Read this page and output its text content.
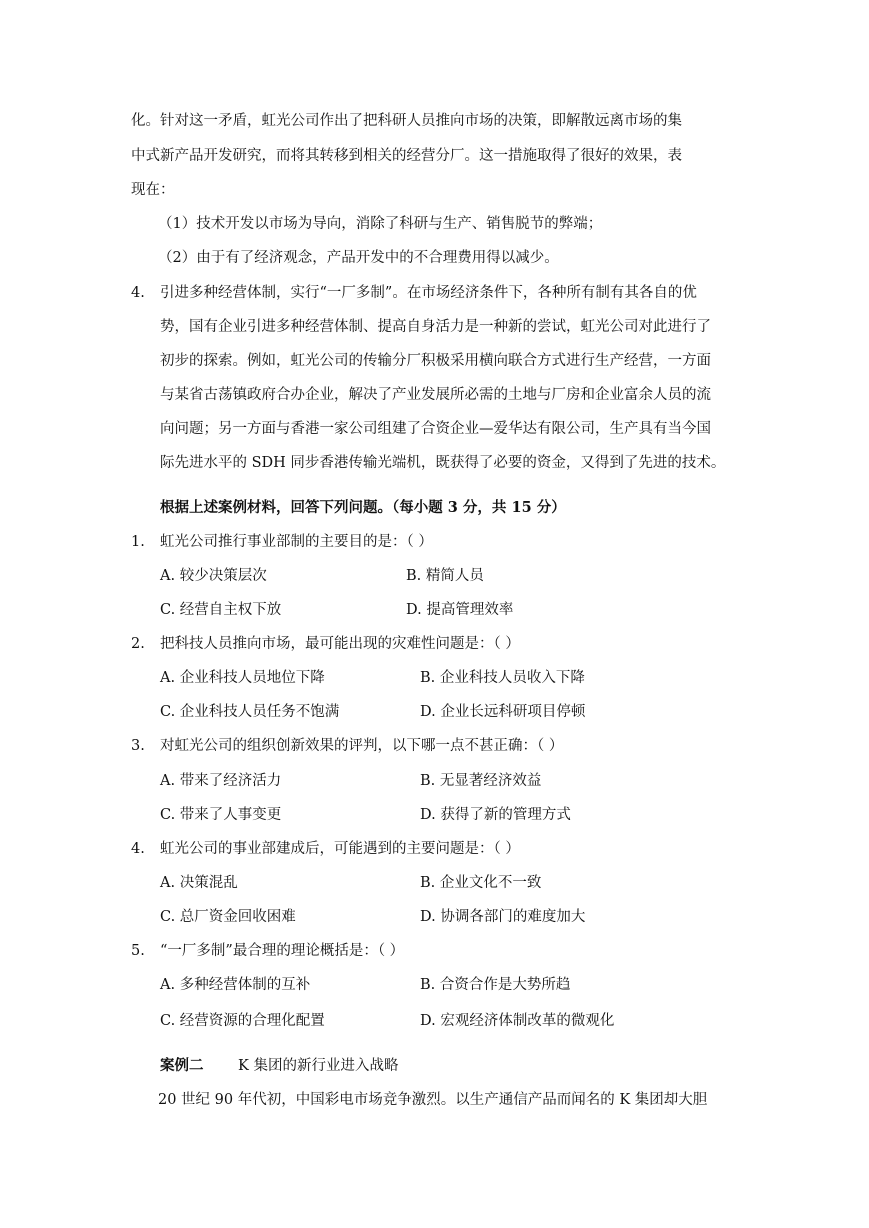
化。针对这一矛盾，虹光公司作出了把科研人员推向市场的决策，即解散远离市场的集
中式新产品开发研究，而将其转移到相关的经营分厂。这一措施取得了很好的效果，表
现在：
（1）技术开发以市场为导向，消除了科研与生产、销售脱节的弊端；
（2）由于有了经济观念，产品开发中的不合理费用得以减少。
4. 引进多种经营体制，实行“一厂多制”。在市场经济条件下，各种所有制有其各自的优
势，国有企业引进多种经营体制、提高自身活力是一种新的尝试，虹光公司对此进行了
初步的探索。例如，虹光公司的传输分厂积极采用横向联合方式进行生产经营，一方面
与某省古荡镇政府合办企业，解决了产业发展所必需的土地与厂房和企业富余人员的流
向问题；另一方面与香港一家公司组建了合资企业—爱华达有限公司，生产具有当今国
际先进水平的 SDH 同步香港传输光端机，既获得了必要的资金，又得到了先进的技术。
根据上述案例材料，回答下列问题。（每小题 3 分，共 15 分）
1. 虹光公司推行事业部制的主要目的是：（ ）
A. 较少决策层次	B. 精简人员
C. 经营自主权下放	D. 提高管理效率
2. 把科技人员推向市场，最可能出现的灾难性问题是：（ ）
A. 企业科技人员地位下降	B. 企业科技人员收入下降
C. 企业科技人员任务不饱满	D. 企业长远科研项目停顿
3. 对虹光公司的组织创新效果的评判，以下哪一点不甚正确：（ ）
A. 带来了经济活力	B. 无显著经济效益
C. 带来了人事变更	D. 获得了新的管理方式
4. 虹光公司的事业部建成后，可能遇到的主要问题是：（ ）
A. 决策混乱	B. 企业文化不一致
C. 总厂资金回收困难	D. 协调各部门的难度加大
5. “一厂多制”最合理的理论概括是：（ ）
A. 多种经营体制的互补	B. 合资合作是大势所趋
C. 经营资源的合理化配置	D. 宏观经济体制改革的微观化
案例二 K 集团的新行业进入战略
20 世纪 90 年代初，中国彩电市场竞争激烈。以生产通信产品而闻名的 K 集团却大胆
